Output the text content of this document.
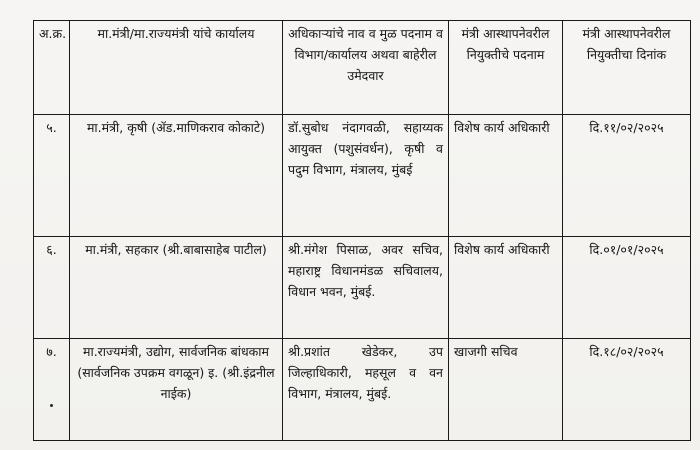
अ.क्र.	मा.मंत्री/मा.राज्यमंत्री यांचे कार्यालय	अधिकाऱ्यांचे नाव व मुळ पदनाम व विभाग/कार्यालय अथवा बाहेरील उमेदवार	मंत्री आस्थापनेवरील नियुक्तीचे पदनाम	मंत्री आस्थापनेवरील नियुक्तीचा दिनांक
५.	मा.मंत्री, कृषी (ॲड.माणिकराव कोकाटे)	डॉ.सुबोध नंदागवळी, सहाय्यक आयुक्त (पशुसंवर्धन), कृषी व पदुम विभाग, मंत्रालय, मुंबई	विशेष कार्य अधिकारी	दि.११/०२/२०२५
६.	मा.मंत्री, सहकार (श्री.बाबासाहेब पाटील)	श्री.मंगेश पिसाळ, अवर सचिव, महाराष्ट्र विधानमंडळ सचिवालय, विधान भवन, मुंबई.	विशेष कार्य अधिकारी	दि.०१/०१/२०२५
७.	मा.राज्यमंत्री, उद्योग, सार्वजनिक बांधकाम (सार्वजनिक उपक्रम वगळून) इ. (श्री.इंद्रनील नाईक)	श्री.प्रशांत खेडेकर, उप जिल्हाधिकारी, महसूल व वन विभाग, मंत्रालय, मुंबई.	खाजगी सचिव	दि.१८/०२/२०२५
